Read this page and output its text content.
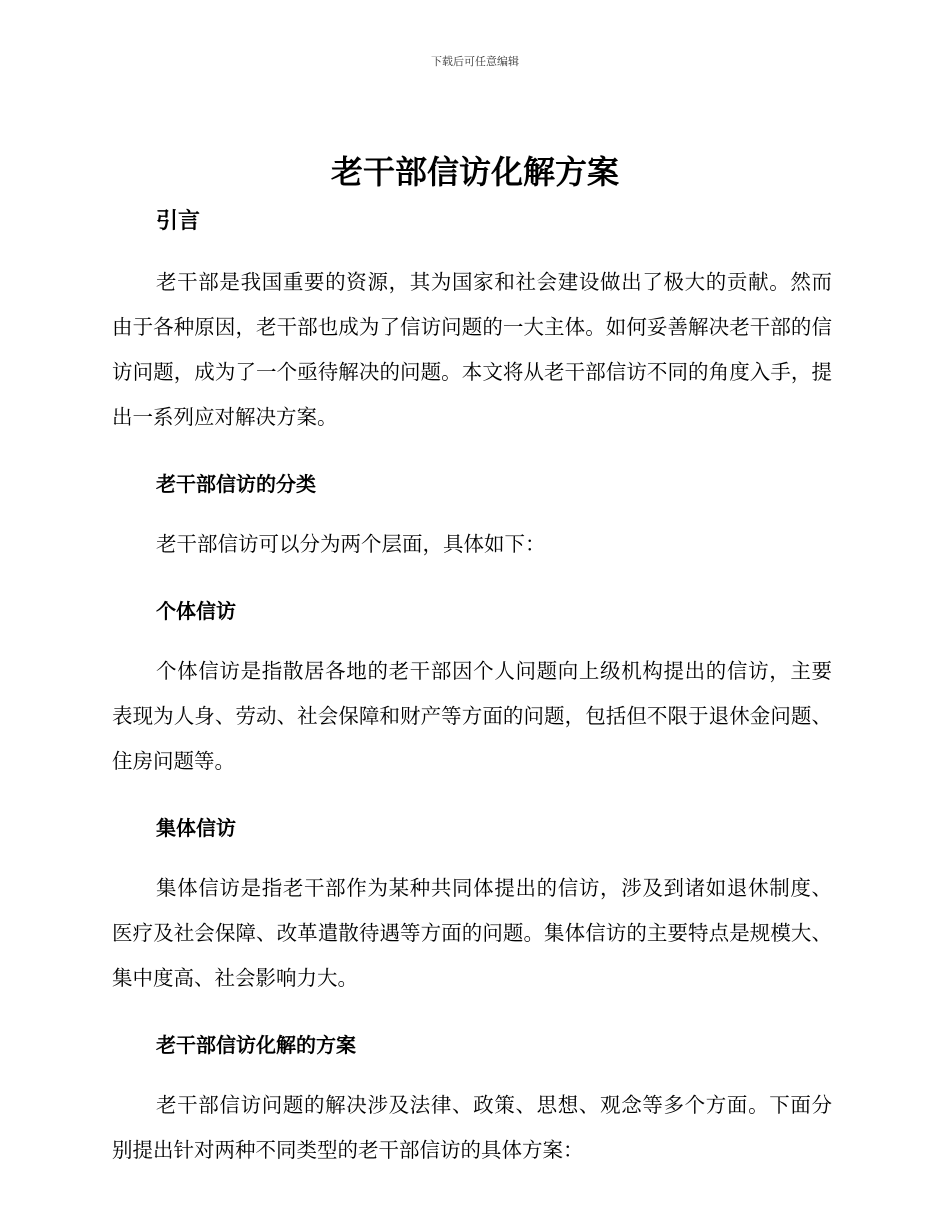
下载后可任意编辑
老干部信访化解方案
引言

老干部是我国重要的资源，其为国家和社会建设做出了极大的贡献。然而由于各种原因，老干部也成为了信访问题的一大主体。如何妥善解决老干部的信访问题，成为了一个亟待解决的问题。本文将从老干部信访不同的角度入手，提出一系列应对解决方案。

老干部信访的分类

老干部信访可以分为两个层面，具体如下：

个体信访

个体信访是指散居各地的老干部因个人问题向上级机构提出的信访，主要表现为人身、劳动、社会保障和财产等方面的问题，包括但不限于退休金问题、住房问题等。

集体信访

集体信访是指老干部作为某种共同体提出的信访，涉及到诸如退休制度、医疗及社会保障、改革遣散待遇等方面的问题。集体信访的主要特点是规模大、集中度高、社会影响力大。

老干部信访化解的方案

老干部信访问题的解决涉及法律、政策、思想、观念等多个方面。下面分别提出针对两种不同类型的老干部信访的具体方案：
